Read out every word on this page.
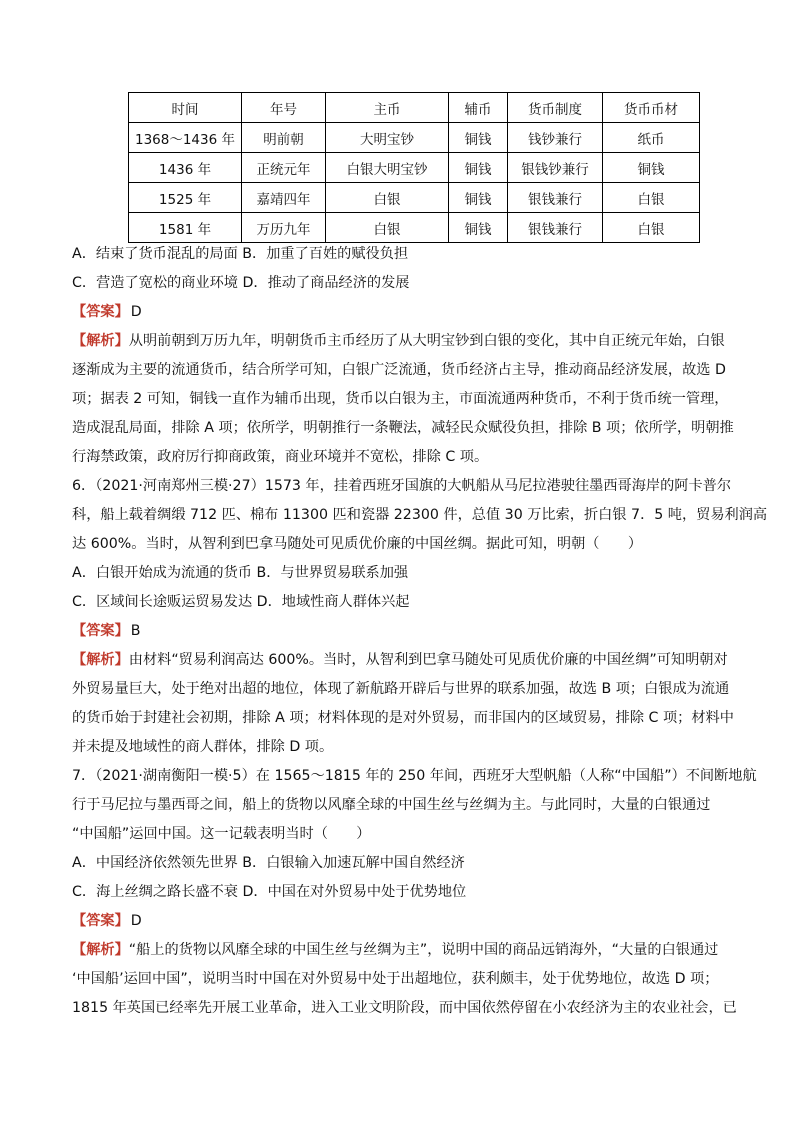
时间	年号	主币	辅币	货币制度	货币币材
1368～1436 年	明前朝	大明宝钞	铜钱	钱钞兼行	纸币
1436 年	正统元年	白银大明宝钞	铜钱	银钱钞兼行	铜钱
1525 年	嘉靖四年	白银	铜钱	银钱兼行	白银
1581 年	万历九年	白银	铜钱	银钱兼行	白银
A．结束了货币混乱的局面 B．加重了百姓的赋役负担
C．营造了宽松的商业环境 D．推动了商品经济的发展
【答案】 D
【解析】从明前朝到万历九年，明朝货币主币经历了从大明宝钞到白银的变化，其中自正统元年始，白银
逐渐成为主要的流通货币，结合所学可知，白银广泛流通，货币经济占主导，推动商品经济发展，故选 D
项；据表 2 可知，铜钱一直作为辅币出现，货币以白银为主，市面流通两种货币，不利于货币统一管理，
造成混乱局面，排除 A 项；依所学，明朝推行一条鞭法，减轻民众赋役负担，排除 B 项；依所学，明朝推
行海禁政策，政府厉行抑商政策，商业环境并不宽松，排除 C 项。
6．（2021·河南郑州三模·27）1573 年，挂着西班牙国旗的大帆船从马尼拉港驶往墨西哥海岸的阿卡普尔
科，船上载着绸缎 712 匹、棉布 11300 匹和瓷器 22300 件，总值 30 万比索，折白银 7．5 吨，贸易利润高
达 600%。当时，从智利到巴拿马随处可见质优价廉的中国丝绸。据此可知，明朝（　　）
A．白银开始成为流通的货币 B．与世界贸易联系加强
C．区域间长途贩运贸易发达 D．地域性商人群体兴起
【答案】 B
【解析】由材料“贸易利润高达 600%。当时，从智利到巴拿马随处可见质优价廉的中国丝绸”可知明朝对
外贸易量巨大，处于绝对出超的地位，体现了新航路开辟后与世界的联系加强，故选 B 项；白银成为流通
的货币始于封建社会初期，排除 A 项；材料体现的是对外贸易，而非国内的区域贸易，排除 C 项；材料中
并未提及地域性的商人群体，排除 D 项。
7．（2021·湖南衡阳一模·5）在 1565～1815 年的 250 年间，西班牙大型帆船（人称“中国船”）不间断地航
行于马尼拉与墨西哥之间，船上的货物以风靡全球的中国生丝与丝绸为主。与此同时，大量的白银通过
“中国船”运回中国。这一记载表明当时（　　）
A．中国经济依然领先世界 B．白银输入加速瓦解中国自然经济
C．海上丝绸之路长盛不衰 D．中国在对外贸易中处于优势地位
【答案】 D
【解析】“船上的货物以风靡全球的中国生丝与丝绸为主”，说明中国的商品远销海外，“大量的白银通过
‘中国船’运回中国”，说明当时中国在对外贸易中处于出超地位，获利颇丰，处于优势地位，故选 D 项；
1815 年英国已经率先开展工业革命，进入工业文明阶段，而中国依然停留在小农经济为主的农业社会，已
